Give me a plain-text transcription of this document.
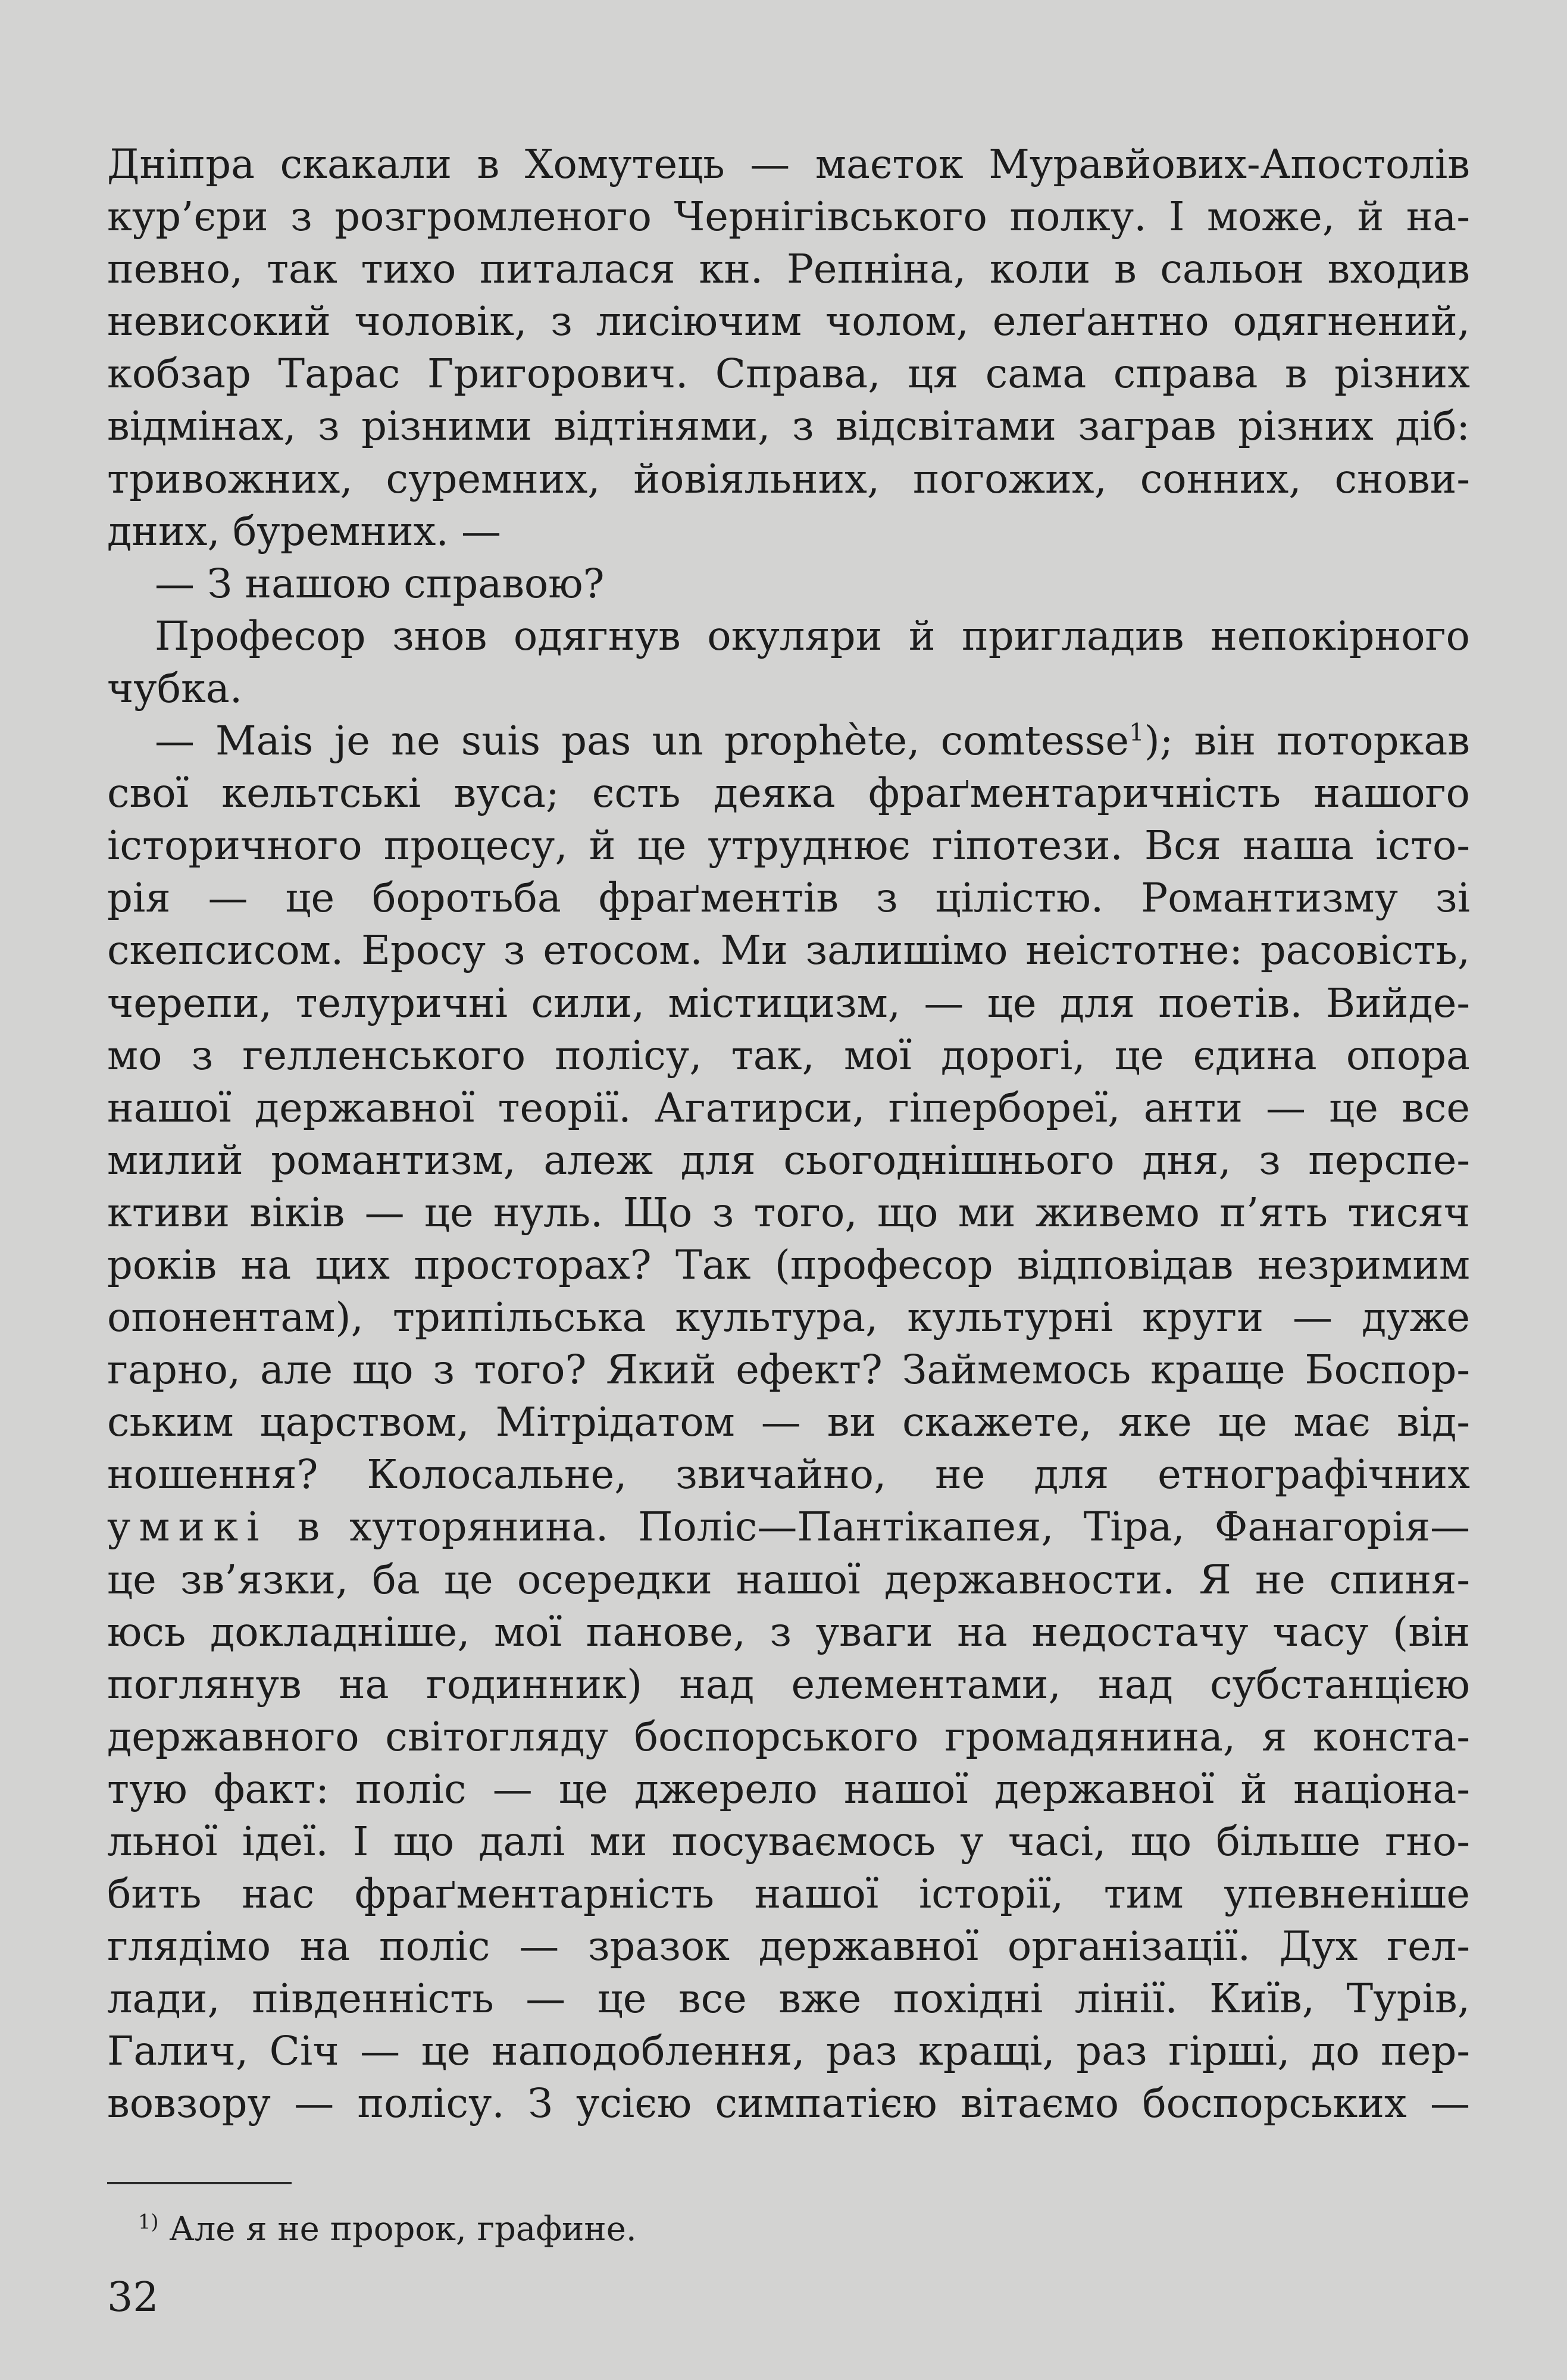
Дніпра скакали в Хомутець — маєток Муравйових-Апостолів
кур’єри з розгромленого Чернігівського полку. І може, й на-
певно, так тихо питалася кн. Репніна, коли в сальон входив
невисокий чоловік, з лисіючим чолом, елеґантно одягнений,
кобзар Тарас Григорович. Справа, ця сама справа в різних
відмінах, з різними відтінями, з відсвітами заграв різних діб:
тривожних, суремних, йовіяльних, погожих, сонних, снови-
дних, буремних. —
— З нашою справою?
Професор знов одягнув окуляри й пригладив непокірного
чубка.
— Mais je ne suis pas un prophète, comtesse$^1$); він поторкав
свої кельтські вуса; єсть деяка фраґментаричність нашого
історичного процесу, й це утруднює гіпотези. Вся наша істо-
рія — це боротьба фраґментів з цілістю. Романтизму зі
скепсисом. Еросу з етосом. Ми залишімо неістотне: расовість,
черепи, телуричні сили, містицизм, — це для поетів. Вийде-
мо з гелленського полісу, так, мої дорогі, це єдина опора
нашої державної теорії. Агатирси, гіпербореї, анти — це все
милий романтизм, алеж для сьогоднішнього дня, з перспе-
ктиви віків — це нуль. Що з того, що ми живемо п’ять тисяч
років на цих просторах? Так (професор відповідав незримим
опонентам), трипільська культура, культурні круги — дуже
гарно, але що з того? Який ефект? Займемось краще Боспор-
ським царством, Мітрідатом — ви скажете, яке це має від-
ношення? Колосальне, звичайно, не для етнографічних
умикі в хуторянина. Поліс—Пантікапея, Тіра, Фанагорія—
це зв’язки, ба це осередки нашої державности. Я не спиня-
юсь докладніше, мої панове, з уваги на недостачу часу (він
поглянув на годинник) над елементами, над субстанцією
державного світогляду боспорського громадянина, я конста-
тую факт: поліс — це джерело нашої державної й націона-
льної ідеї. І що далі ми посуваємось у часі, що більше гно-
бить нас фраґментарність нашої історії, тим упевненіше
глядімо на поліс — зразок державної організації. Дух гел-
лади, південність — це все вже похідні лінії. Київ, Турів,
Галич, Січ — це наподоблення, раз кращі, раз гірші, до пер-
вовзору — полісу. З усією симпатією вітаємо боспорських —
$^{1)}$ Але я не пророк, графине.
32
